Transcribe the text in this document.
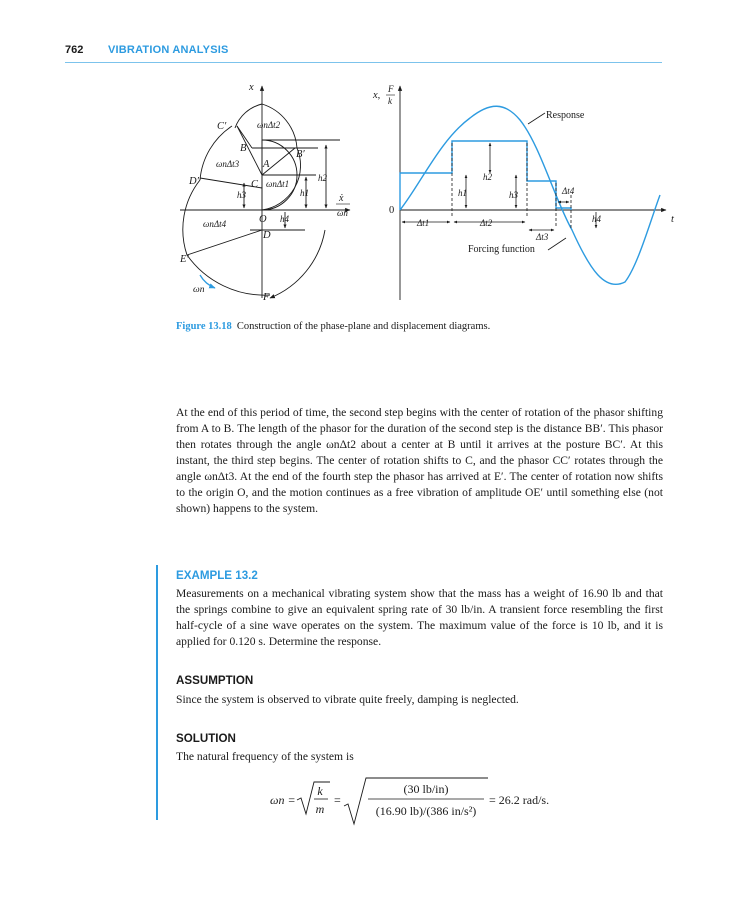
762 VIBRATION ANALYSIS
x
ẋ
ωn
C′
B
B′
A
C
D′
O
D
E′
F
ωnΔt2
ωnΔt3
ωnΔt1
ωnΔt4
h2
h1
h3
h4
ωn
x,
F
k
0
t
Response
Forcing function
Δt1	Δt2
Δt3
Δt4
h1
h2
h3
h4
Figure 13.18 Construction of the phase-plane and displacement diagrams.
At the end of this period of time, the second step begins with the center of rotation of the phasor shifting from A to B. The length of the phasor for the duration of the second step is the distance BB′. This phasor then rotates through the angle ωnΔt2 about a center at B until it arrives at the posture BC′. At this instant, the third step begins. The center of rotation shifts to C, and the phasor CC′ rotates through the angle ωnΔt3. At the end of the fourth step the phasor has arrived at E′. The center of rotation now shifts to the origin O, and the motion continues as a free vibration of amplitude OE′ until something else (not shown) happens to the system.
EXAMPLE 13.2
Measurements on a mechanical vibrating system show that the mass has a weight of 16.90 lb and that the springs combine to give an equivalent spring rate of 30 lb/in. A transient force resembling the first half-cycle of a sine wave operates on the system. The maximum value of the force is 10 lb, and it is applied for 0.120 s. Determine the response.
ASSUMPTION
Since the system is observed to vibrate quite freely, damping is neglected.
SOLUTION
The natural frequency of the system is
ωn =
k
m
=
(30 lb/in)
(16.90 lb)/(386 in/s²)
= 26.2 rad/s.
